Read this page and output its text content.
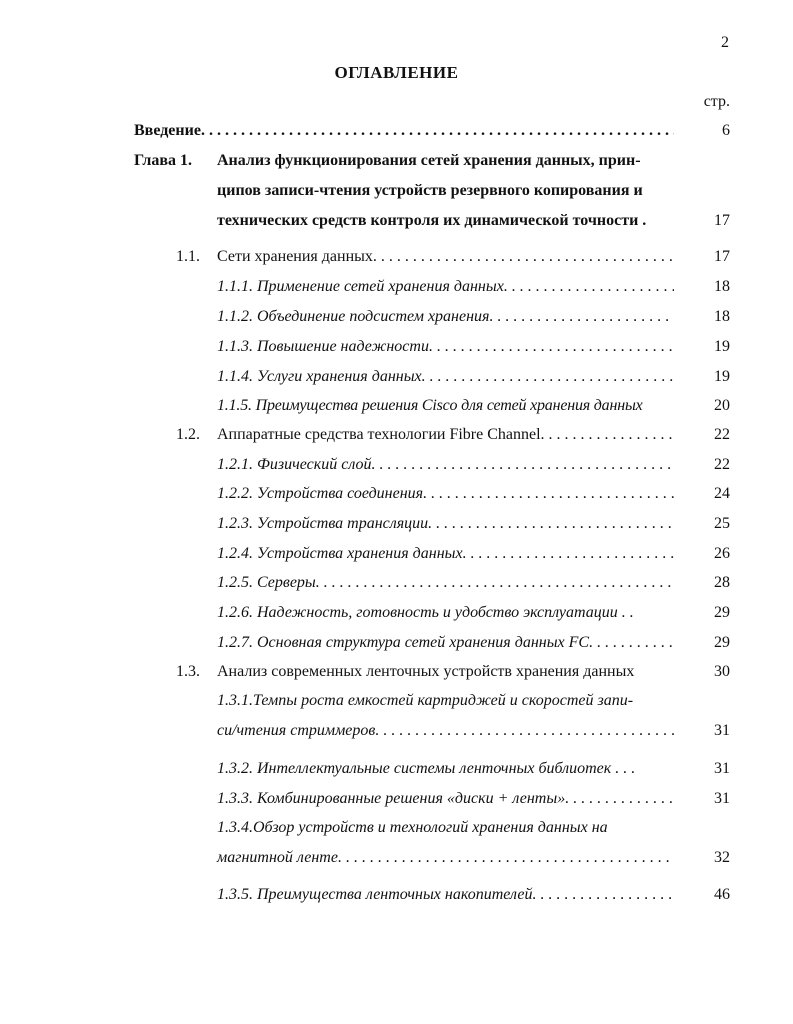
2
ОГЛАВЛЕНИЕ
стр.
Введение . . .	6
Глава 1. Анализ функционирования сетей хранения данных, прин-
ципов записи-чтения устройств резервного копирования и
технических средств контроля их динамической точности .	17
1.1. Сети хранения данных . . .	17
1.1.1. Применение сетей хранения данных . . .	18
1.1.2. Объединение подсистем хранения . . .	18
1.1.3. Повышение надежности . . .	19
1.1.4. Услуги хранения данных . . .	19
1.1.5. Преимущества решения Cisco для сетей хранения данных	20
1.2. Аппаратные средства технологии Fibre Channel . . .	22
1.2.1. Физический слой . . .	22
1.2.2. Устройства соединения . . .	24
1.2.3. Устройства трансляции . . .	25
1.2.4. Устройства хранения данных . . .	26
1.2.5. Серверы . . .	28
1.2.6. Надежность, готовность и удобство эксплуатации . .	29
1.2.7. Основная структура сетей хранения данных FC . . .	29
1.3. Анализ современных ленточных устройств хранения данных	30
1.3.1.Темпы роста емкостей картриджей и скоростей запи-
си/чтения стриммеров . . .	31
1.3.2. Интеллектуальные системы ленточных библиотек . . .	31
1.3.3. Комбинированные решения «диски + ленты» . . .	31
1.3.4.Обзор устройств и технологий хранения данных на
магнитной ленте . . .	32
1.3.5. Преимущества ленточных накопителей . . .	46
